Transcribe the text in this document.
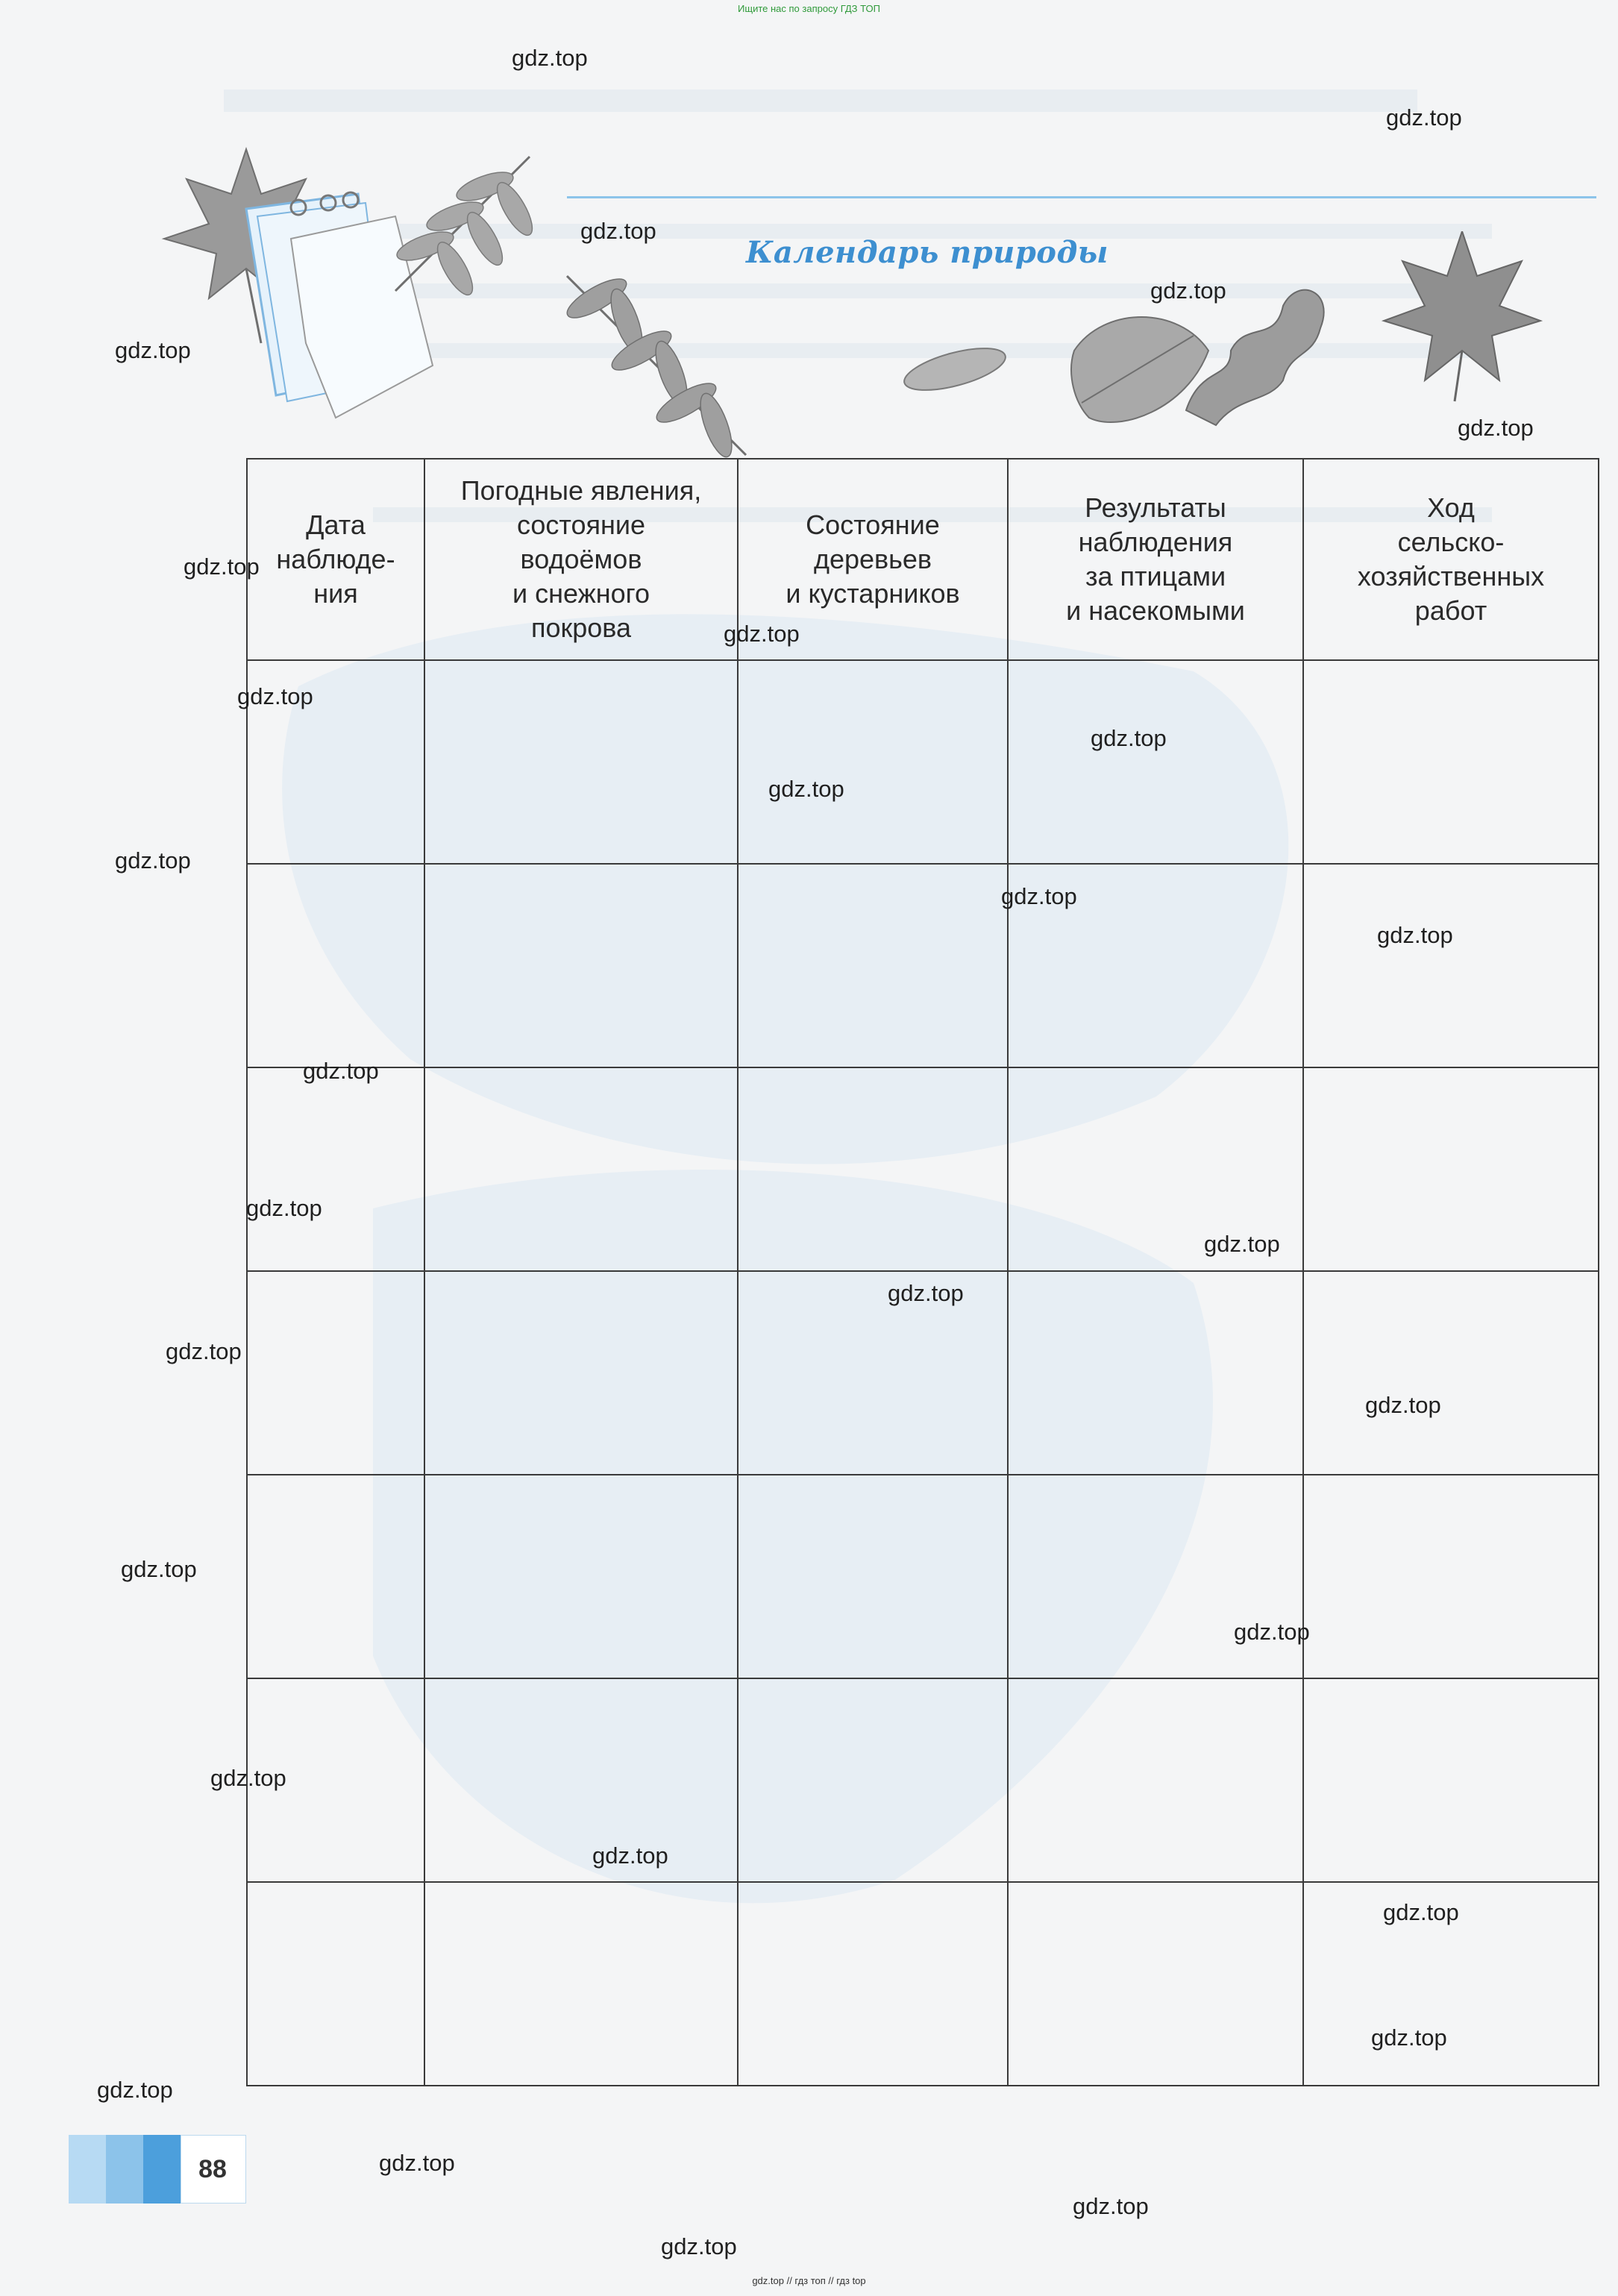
Ищите нас по запросу ГДЗ ТОП
Календарь природы
Дата
наблюде-
ния	Погодные явления,
состояние
водоёмов
и снежного
покрова	Состояние
деревьев
и кустарников	Результаты
наблюдения
за птицами
и насекомыми	Ход
сельско-
хозяйственных
работ

gdz.top
gdz.top
gdz.top
gdz.top
gdz.top
gdz.top
gdz.top
gdz.top
gdz.top
gdz.top
gdz.top
gdz.top
gdz.top
gdz.top
gdz.top
gdz.top
gdz.top
gdz.top
gdz.top
gdz.top
gdz.top
gdz.top
gdz.top
gdz.top
gdz.top
gdz.top
gdz.top
gdz.top
gdz.top
gdz.top
88
gdz.top // гдз топ // гдз top
